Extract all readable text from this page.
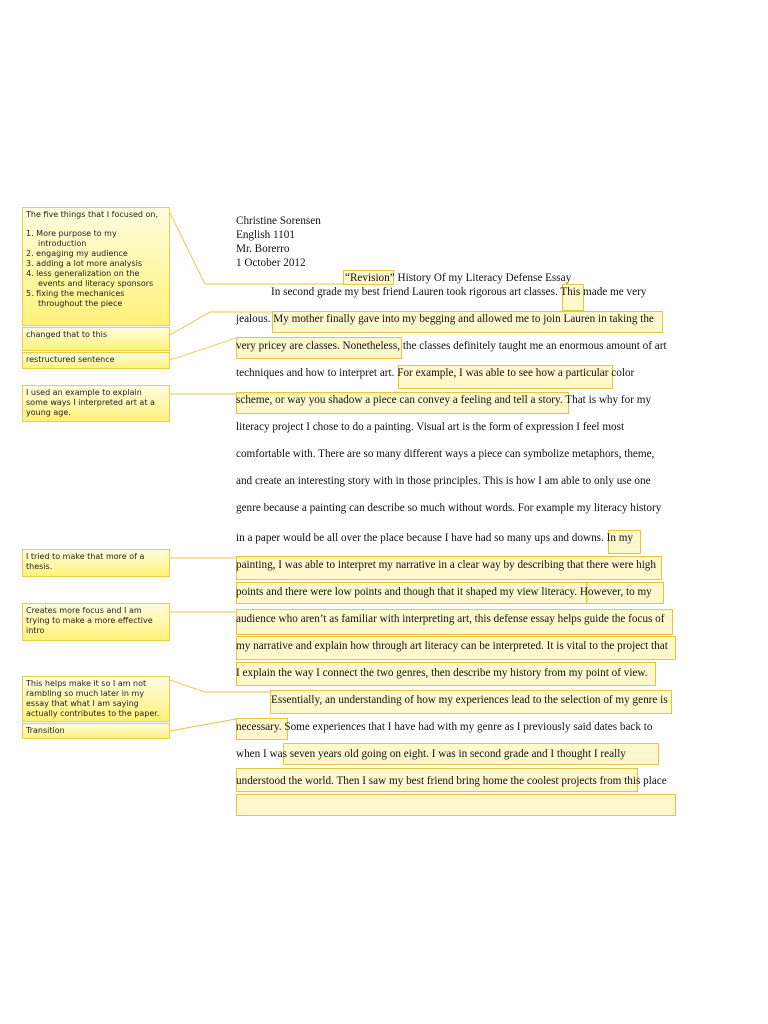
The five things that I focused on,

1. More purpose to my introduction
2. engaging my audience
3. adding a lot more analysis
4. less generalization on the events and literacy sponsors
5. fixing the mechanices throughout the piece

changed that to this

restructured sentence

I used an example to explain some ways I interpreted art at a young age.

I tried to make that more of a thesis.

Creates more focus and I am trying to make a more effective intro

This helps make it so I am not rambling so much later in my essay that what I am saying actually contributes to the paper.

Transition

Christine Sorensen
English 1101
Mr. Borerro
1 October 2012
“Revision” History Of my Literacy Defense Essay
In second grade my best friend Lauren took rigorous art classes. This made me very
jealous. My mother finally gave into my begging and allowed me to join Lauren in taking the
very pricey are classes. Nonetheless, the classes definitely taught me an enormous amount of art
techniques and how to interpret art. For example, I was able to see how a particular color
scheme, or way you shadow a piece can convey a feeling and tell a story. That is why for my
literacy project I chose to do a painting. Visual art is the form of expression I feel most
comfortable with. There are so many different ways a piece can symbolize metaphors, theme,
and create an interesting story with in those principles. This is how I am able to only use one
genre because a painting can describe so much without words. For example my literacy history
in a paper would be all over the place because I have had so many ups and downs. In my
painting, I was able to interpret my narrative in a clear way by describing that there were high
points and there were low points and though that it shaped my view literacy. However, to my
audience who aren’t as familiar with interpreting art, this defense essay helps guide the focus of
my narrative and explain how through art literacy can be interpreted. It is vital to the project that
I explain the way I connect the two genres, then describe my history from my point of view.
Essentially, an understanding of how my experiences lead to the selection of my genre is
necessary. Some experiences that I have had with my genre as I previously said dates back to
when I was seven years old going on eight. I was in second grade and I thought I really
understood the world. Then I saw my best friend bring home the coolest projects from this place
